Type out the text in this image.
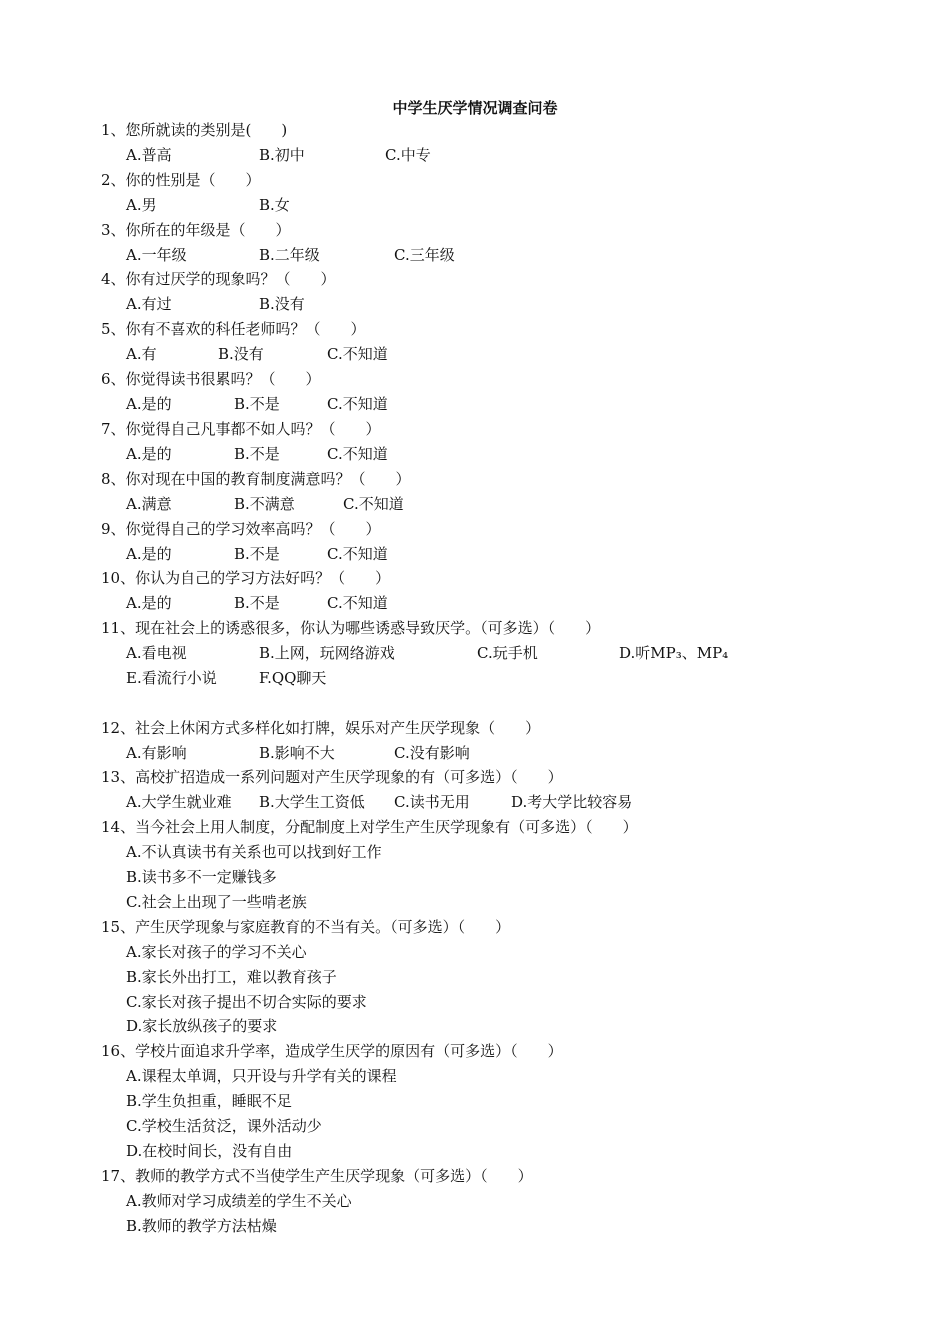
中学生厌学情况调查问卷
1、您所就读的类别是(　　)
A.普高	B.初中	C.中专
2、你的性别是（　　）
A.男	B.女
3、你所在的年级是（　　）
A.一年级	B.二年级	C.三年级
4、你有过厌学的现象吗？（　　）
A.有过	B.没有
5、你有不喜欢的科任老师吗？（　　）
A.有	B.没有	C.不知道
6、你觉得读书很累吗？（　　）
A.是的	B.不是	C.不知道
7、你觉得自己凡事都不如人吗？（　　）
A.是的	B.不是	C.不知道
8、你对现在中国的教育制度满意吗？（　　）
A.满意	B.不满意	C.不知道
9、你觉得自己的学习效率高吗？（　　）
A.是的	B.不是	C.不知道
10、你认为自己的学习方法好吗？（　　）
A.是的	B.不是	C.不知道
11、现在社会上的诱惑很多，你认为哪些诱惑导致厌学。（可多选）（　　）
A.看电视	B.上网，玩网络游戏	C.玩手机	D.听MP₃、MP₄
E.看流行小说	F.QQ聊天
12、社会上休闲方式多样化如打牌，娱乐对产生厌学现象（　　）
A.有影响	B.影响不大	C.没有影响
13、高校扩招造成一系列问题对产生厌学现象的有（可多选）（　　）
A.大学生就业难 B.大学生工资低 C.读书无用	D.考大学比较容易
14、当今社会上用人制度，分配制度上对学生产生厌学现象有（可多选）（　　）
A.不认真读书有关系也可以找到好工作
B.读书多不一定赚钱多
C.社会上出现了一些啃老族
15、产生厌学现象与家庭教育的不当有关。（可多选）（　　）
A.家长对孩子的学习不关心
B.家长外出打工，难以教育孩子
C.家长对孩子提出不切合实际的要求
D.家长放纵孩子的要求
16、学校片面追求升学率，造成学生厌学的原因有（可多选）（　　）
A.课程太单调，只开设与升学有关的课程
B.学生负担重，睡眠不足
C.学校生活贫泛，课外活动少
D.在校时间长，没有自由
17、教师的教学方式不当使学生产生厌学现象（可多选）（　　）
A.教师对学习成绩差的学生不关心
B.教师的教学方法枯燥
